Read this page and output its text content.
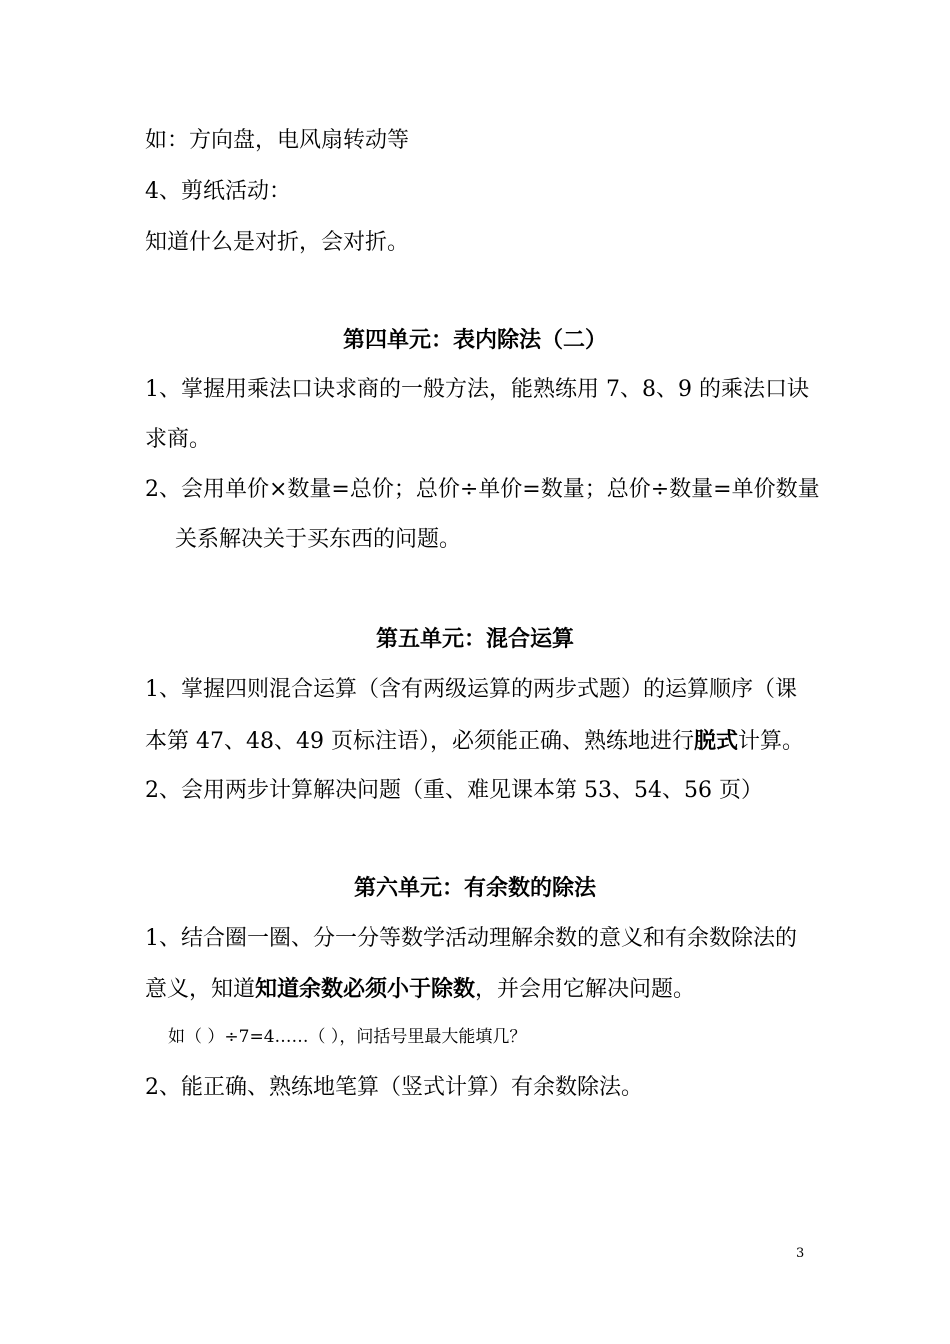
如：方向盘，电风扇转动等
4、剪纸活动：
知道什么是对折，会对折。
第四单元：表内除法（二）
1、掌握用乘法口诀求商的一般方法，能熟练用 7、8、9 的乘法口诀
求商。
2、会用单价×数量=总价；总价÷单价=数量；总价÷数量=单价数量
关系解决关于买东西的问题。
第五单元：混合运算
1、掌握四则混合运算（含有两级运算的两步式题）的运算顺序（课
本第 47、48、49 页标注语），必须能正确、熟练地进行脱式计算。
2、会用两步计算解决问题（重、难见课本第 53、54、56 页）
第六单元：有余数的除法
1、结合圈一圈、分一分等数学活动理解余数的意义和有余数除法的
意义，知道知道余数必须小于除数，并会用它解决问题。
如（ ）÷7=4……（ ），问括号里最大能填几？
2、能正确、熟练地笔算（竖式计算）有余数除法。
3
